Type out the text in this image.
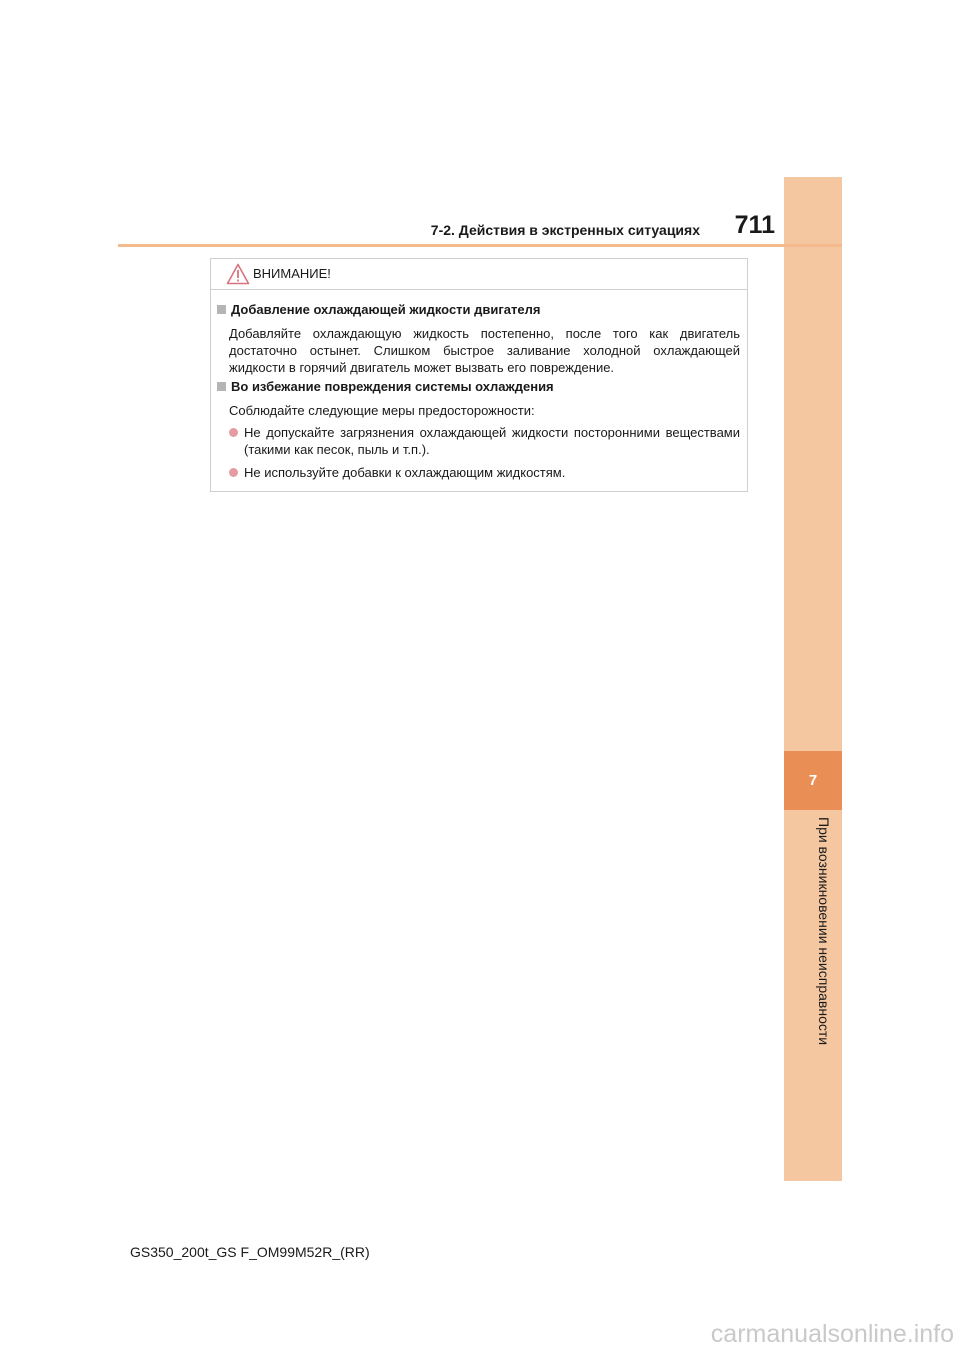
7
При возникновении неисправности
7-2. Действия в экстренных ситуациях	711
ВНИМАНИЕ!
Добавление охлаждающей жидкости двигателя
Добавляйте охлаждающую жидкость постепенно, после того как двигатель достаточно остынет. Слишком быстрое заливание холодной охлаждающей жидкости в горячий двигатель может вызвать его повреждение.
Во избежание повреждения системы охлаждения
Соблюдайте следующие меры предосторожности:
Не допускайте загрязнения охлаждающей жидкости посторонними веществами (такими как песок, пыль и т.п.).
Не используйте добавки к охлаждающим жидкостям.
GS350_200t_GS F_OM99M52R_(RR)
carmanualsonline.info
